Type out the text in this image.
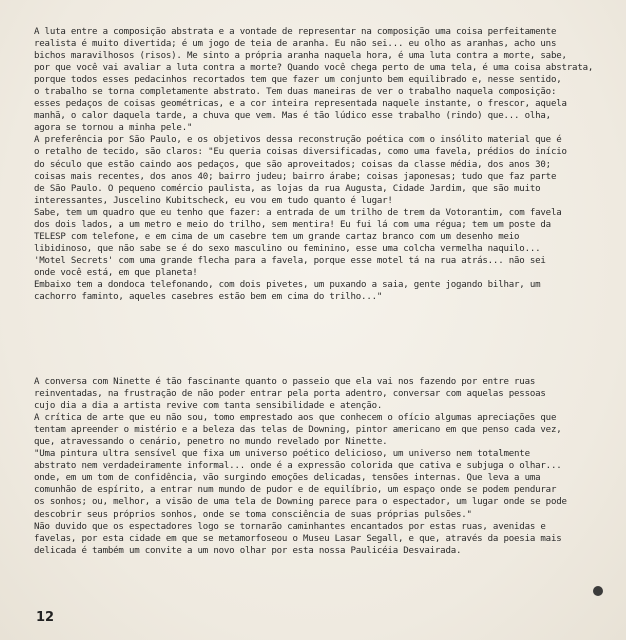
A luta entre a composição abstrata e a vontade de representar na composição uma coisa perfeitamente
realista é muito divertida; é um jogo de teia de aranha. Eu não sei... eu olho as aranhas, acho uns
bichos maravilhosos (risos). Me sinto a própria aranha naquela hora, é uma luta contra a morte, sabe,
por que você vai avaliar a luta contra a morte? Quando você chega perto de uma tela, é uma coisa abstrata,
porque todos esses pedacinhos recortados tem que fazer um conjunto bem equilibrado e, nesse sentido,
o trabalho se torna completamente abstrato. Tem duas maneiras de ver o trabalho naquela composição:
esses pedaços de coisas geométricas, e a cor inteira representada naquele instante, o frescor, aquela
manhã, o calor daquela tarde, a chuva que vem. Mas é tão lúdico esse trabalho (rindo) que... olha,
agora se tornou a minha pele."
A preferência por São Paulo, e os objetivos dessa reconstrução poética com o insólito material que é
o retalho de tecido, são claros: "Eu queria coisas diversificadas, como uma favela, prédios do início
do século que estão caindo aos pedaços, que são aproveitados; coisas da classe média, dos anos 30;
coisas mais recentes, dos anos 40; bairro judeu; bairro árabe; coisas japonesas; tudo que faz parte
de São Paulo. O pequeno comércio paulista, as lojas da rua Augusta, Cidade Jardim, que são muito
interessantes, Juscelino Kubitscheck, eu vou em tudo quanto é lugar!
Sabe, tem um quadro que eu tenho que fazer: a entrada de um trilho de trem da Votorantim, com favela
dos dois lados, a um metro e meio do trilho, sem mentira! Eu fui lá com uma régua; tem um poste da
TELESP com telefone, e em cima de um casebre tem um grande cartaz branco com um desenho meio
libidinoso, que não sabe se é do sexo masculino ou feminino, esse uma colcha vermelha naquilo...
'Motel Secrets' com uma grande flecha para a favela, porque esse motel tá na rua atrás... não sei
onde você está, em que planeta!
Embaixo tem a dondoca telefonando, com dois pivetes, um puxando a saia, gente jogando bilhar, um
cachorro faminto, aqueles casebres estão bem em cima do trilho..."
A conversa com Ninette é tão fascinante quanto o passeio que ela vai nos fazendo por entre ruas
reinventadas, na frustração de não poder entrar pela porta adentro, conversar com aquelas pessoas
cujo dia a dia a artista revive com tanta sensibilidade e atenção.
A crítica de arte que eu não sou, tomo emprestado aos que conhecem o ofício algumas apreciações que
tentam apreender o mistério e a beleza das telas de Downing, pintor americano em que penso cada vez,
que, atravessando o cenário, penetro no mundo revelado por Ninette.
"Uma pintura ultra sensível que fixa um universo poético delicioso, um universo nem totalmente
abstrato nem verdadeiramente informal... onde é a expressão colorida que cativa e subjuga o olhar...
onde, em um tom de confidência, vão surgindo emoções delicadas, tensões internas. Que leva a uma
comunhão de espírito, a entrar num mundo de pudor e de equilíbrio, um espaço onde se podem pendurar
os sonhos; ou, melhor, a visão de uma tela de Downing parece para o espectador, um lugar onde se pode
descobrir seus próprios sonhos, onde se toma consciência de suas próprias pulsões."
Não duvido que os espectadores logo se tornarão caminhantes encantados por estas ruas, avenidas e
favelas, por esta cidade em que se metamorfoseou o Museu Lasar Segall, e que, através da poesia mais
delicada é também um convite a um novo olhar por esta nossa Paulicéia Desvairada.
12
